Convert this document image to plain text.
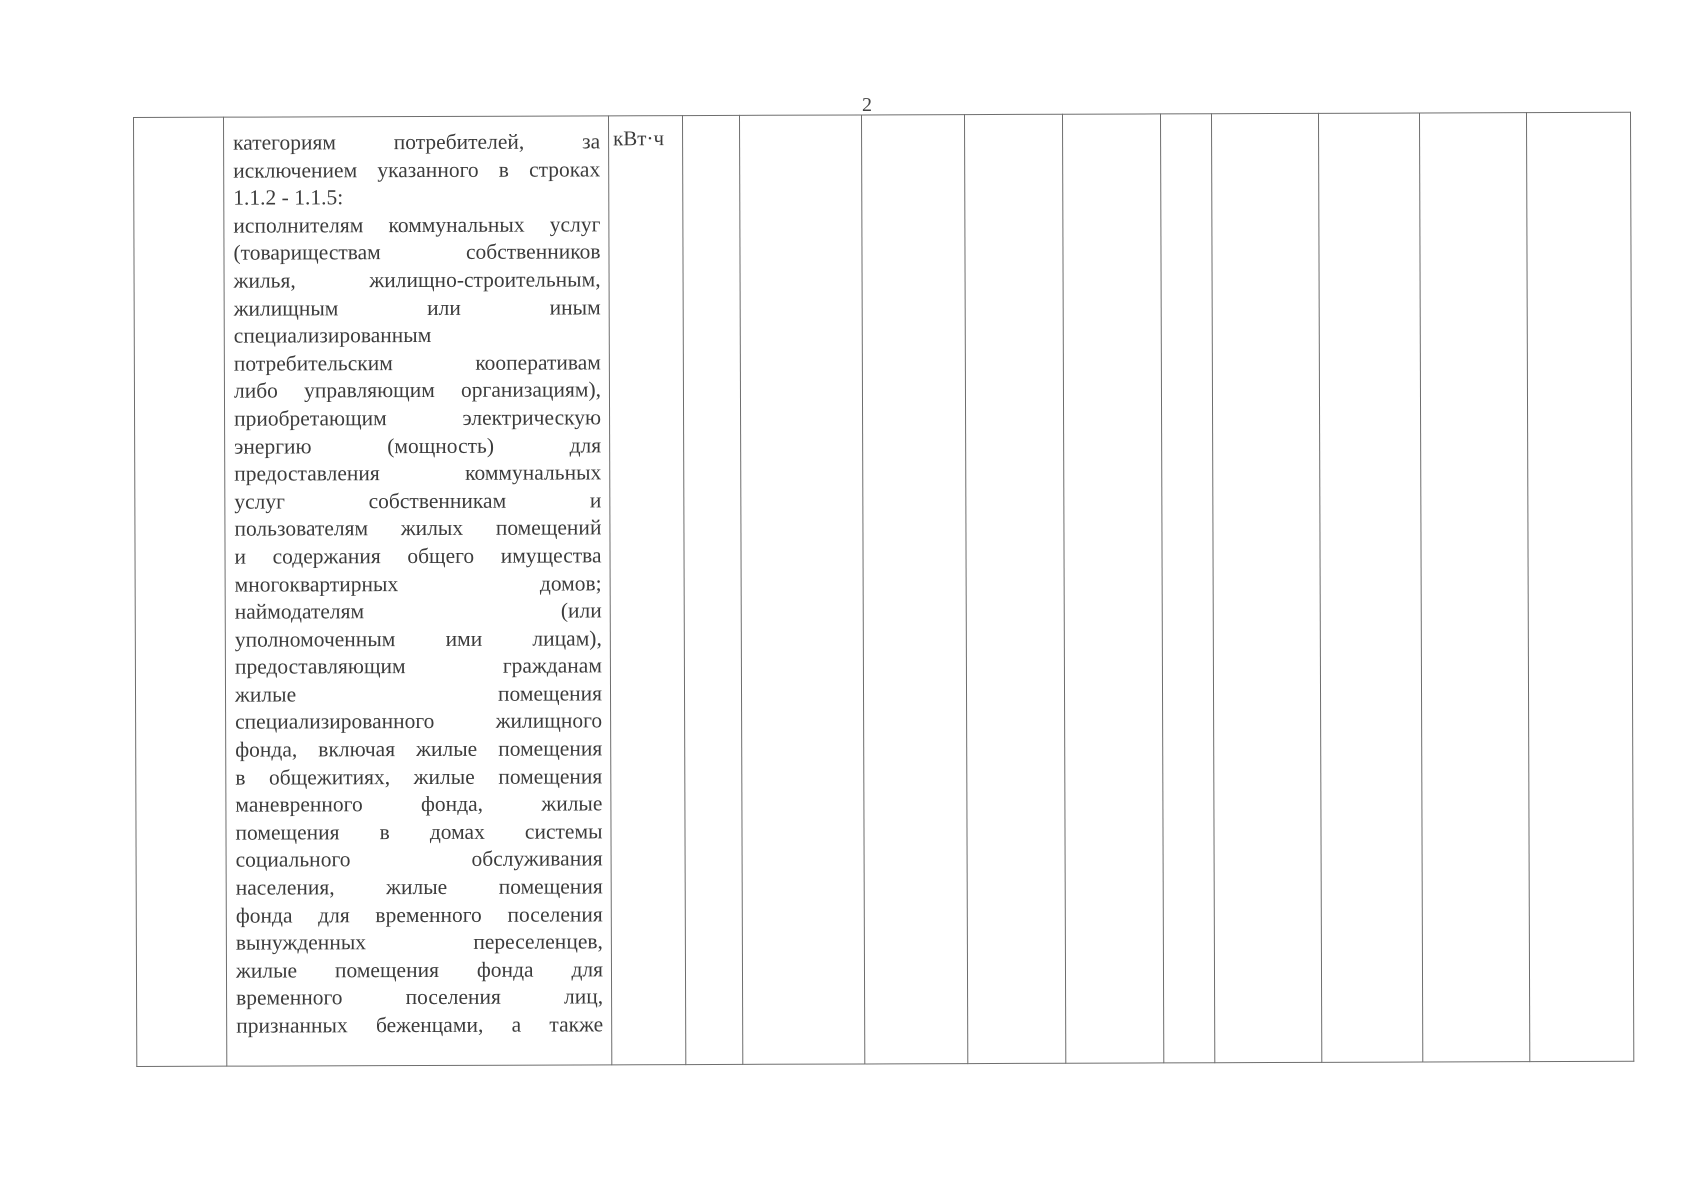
2

категориям потребителей, за
исключением указанного в строках
1.1.2 - 1.1.5:
исполнителям коммунальных услуг
(товариществам собственников
жилья, жилищно-строительным,
жилищным или иным
специализированным
потребительским кооперативам
либо управляющим организациям),
приобретающим электрическую
энергию (мощность) для
предоставления коммунальных
услуг собственникам и
пользователям жилых помещений
и содержания общего имущества
многоквартирных домов;
наймодателям (или
уполномоченным ими лицам),
предоставляющим гражданам
жилые помещения
специализированного жилищного
фонда, включая жилые помещения
в общежитиях, жилые помещения
маневренного фонда, жилые
помещения в домах системы
социального обслуживания
населения, жилые помещения
фонда для временного поселения
вынужденных переселенцев,
жилые помещения фонда для
временного поселения лиц,
признанных беженцами, а также
	кВт·ч										
